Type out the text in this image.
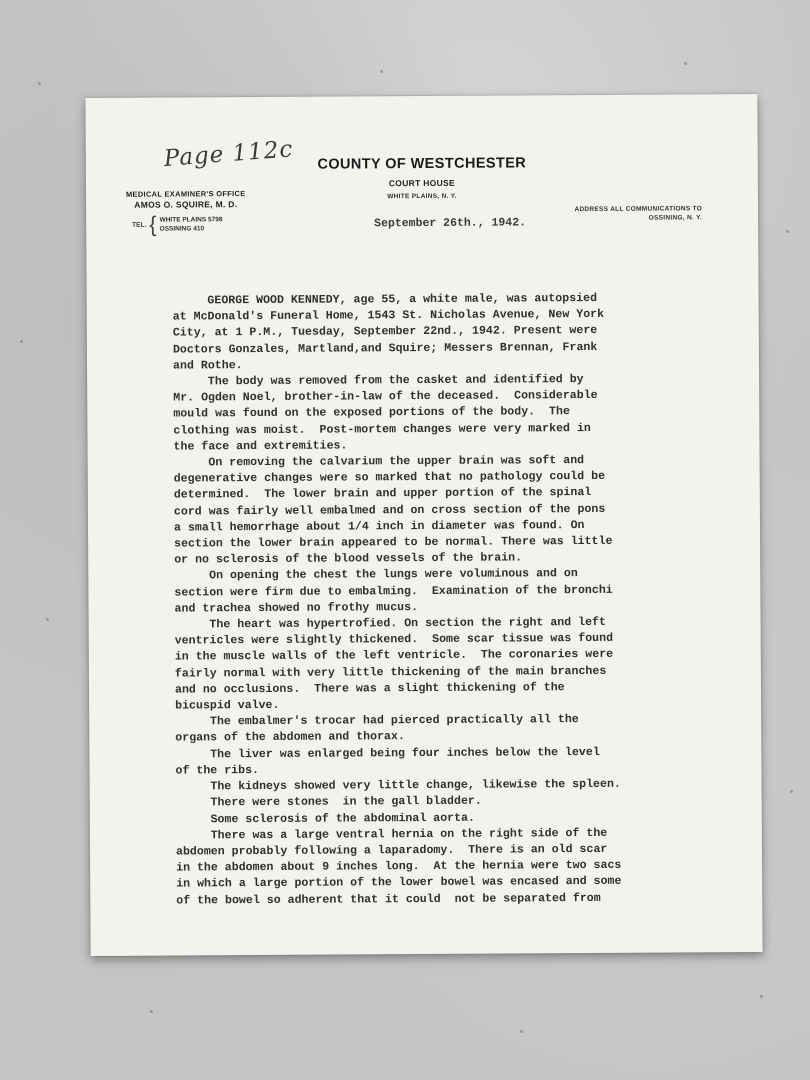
Page 112c	COUNTY OF WESTCHESTER
COURT HOUSE
WHITE PLAINS, N. Y.
MEDICAL EXAMINER'S OFFICE
AMOS O. SQUIRE, M. D.
TEL. { WHITE PLAINS 5798
OSSINING 410
ADDRESS ALL COMMUNICATIONS TO
OSSINING, N. Y.
September 26th., 1942.
GEORGE WOOD KENNEDY, age 55, a white male, was autopsied
at McDonald's Funeral Home, 1543 St. Nicholas Avenue, New York
City, at 1 P.M., Tuesday, September 22nd., 1942. Present were
Doctors Gonzales, Martland,and Squire; Messers Brennan, Frank
and Rothe.
The body was removed from the casket and identified by
Mr. Ogden Noel, brother-in-law of the deceased.  Considerable
mould was found on the exposed portions of the body.  The
clothing was moist.  Post-mortem changes were very marked in
the face and extremities.
On removing the calvarium the upper brain was soft and
degenerative changes were so marked that no pathology could be
determined.  The lower brain and upper portion of the spinal
cord was fairly well embalmed and on cross section of the pons
a small hemorrhage about 1/4 inch in diameter was found. On
section the lower brain appeared to be normal. There was little
or no sclerosis of the blood vessels of the brain.
On opening the chest the lungs were voluminous and on
section were firm due to embalming.  Examination of the bronchi
and trachea showed no frothy mucus.
The heart was hypertrofied. On section the right and left
ventricles were slightly thickened.  Some scar tissue was found
in the muscle walls of the left ventricle.  The coronaries were
fairly normal with very little thickening of the main branches
and no occlusions.  There was a slight thickening of the
bicuspid valve.
The embalmer's trocar had pierced practically all the
organs of the abdomen and thorax.
The liver was enlarged being four inches below the level
of the ribs.
The kidneys showed very little change, likewise the spleen.
There were stones  in the gall bladder.
Some sclerosis of the abdominal aorta.
There was a large ventral hernia on the right side of the
abdomen probably following a laparadomy.  There is an old scar
in the abdomen about 9 inches long.  At the hernia were two sacs
in which a large portion of the lower bowel was encased and some
of the bowel so adherent that it could  not be separated from
